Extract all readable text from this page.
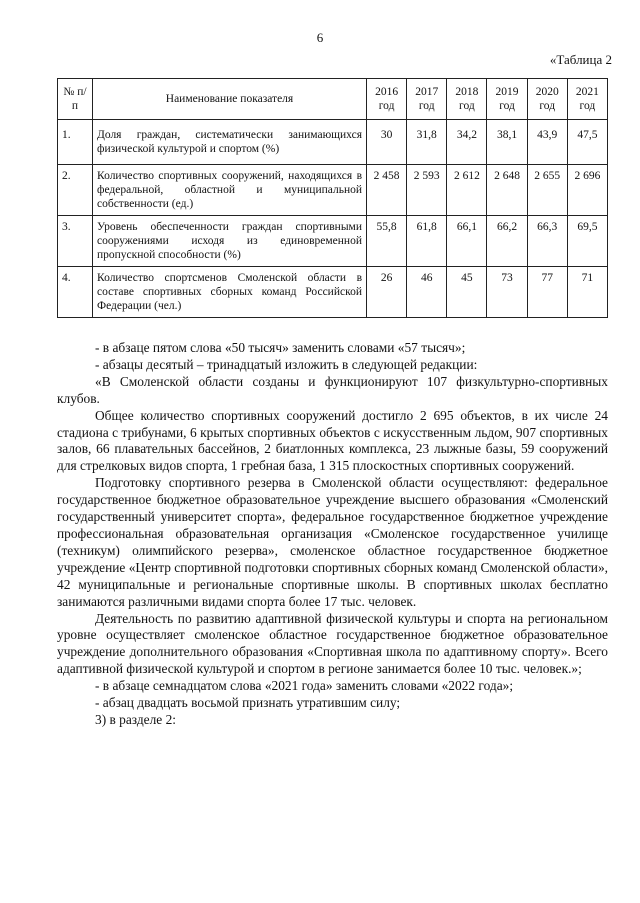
6
«Таблица 2
№ п/п	Наименование показателя	2016 год	2017 год	2018 год	2019 год	2020 год	2021 год
1.	Доля граждан, систематически занимающихся физической культурой и спортом (%)	30	31,8	34,2	38,1	43,9	47,5
2.	Количество спортивных сооружений, находящихся в федеральной, областной и муниципальной собственности (ед.)	2 458	2 593	2 612	2 648	2 655	2 696
3.	Уровень обеспеченности граждан спортивными сооружениями исходя из единовременной пропускной способности (%)	55,8	61,8	66,1	66,2	66,3	69,5
4.	Количество спортсменов Смоленской области в составе спортивных сборных команд Российской Федерации (чел.)	26	46	45	73	77	71

- в абзаце пятом слова «50 тысяч» заменить словами «57 тысяч»;

- абзацы десятый – тринадцатый изложить в следующей редакции:

«В Смоленской области созданы и функционируют 107 физкультурно-спортивных клубов.

Общее количество спортивных сооружений достигло 2 695 объектов, в их числе 24 стадиона с трибунами, 6 крытых спортивных объектов с искусственным льдом, 907 спортивных залов, 66 плавательных бассейнов, 2 биатлонных комплекса, 23 лыжные базы, 59 сооружений для стрелковых видов спорта, 1 гребная база, 1 315 плоскостных спортивных сооружений.

Подготовку спортивного резерва в Смоленской области осуществляют: федеральное государственное бюджетное образовательное учреждение высшего образования «Смоленский государственный университет спорта», федеральное государственное бюджетное учреждение профессиональная образовательная организация «Смоленское государственное училище (техникум) олимпийского резерва», смоленское областное государственное бюджетное учреждение «Центр спортивной подготовки спортивных сборных команд Смоленской области», 42 муниципальные и региональные спортивные школы. В спортивных школах бесплатно занимаются различными видами спорта более 17 тыс. человек.

Деятельность по развитию адаптивной физической культуры и спорта на региональном уровне осуществляет смоленское областное государственное бюджетное образовательное учреждение дополнительного образования «Спортивная школа по адаптивному спорту». Всего адаптивной физической культурой и спортом в регионе занимается более 10 тыс. человек.»;

- в абзаце семнадцатом слова «2021 года» заменить словами «2022 года»;

- абзац двадцать восьмой признать утратившим силу;

3) в разделе 2:
